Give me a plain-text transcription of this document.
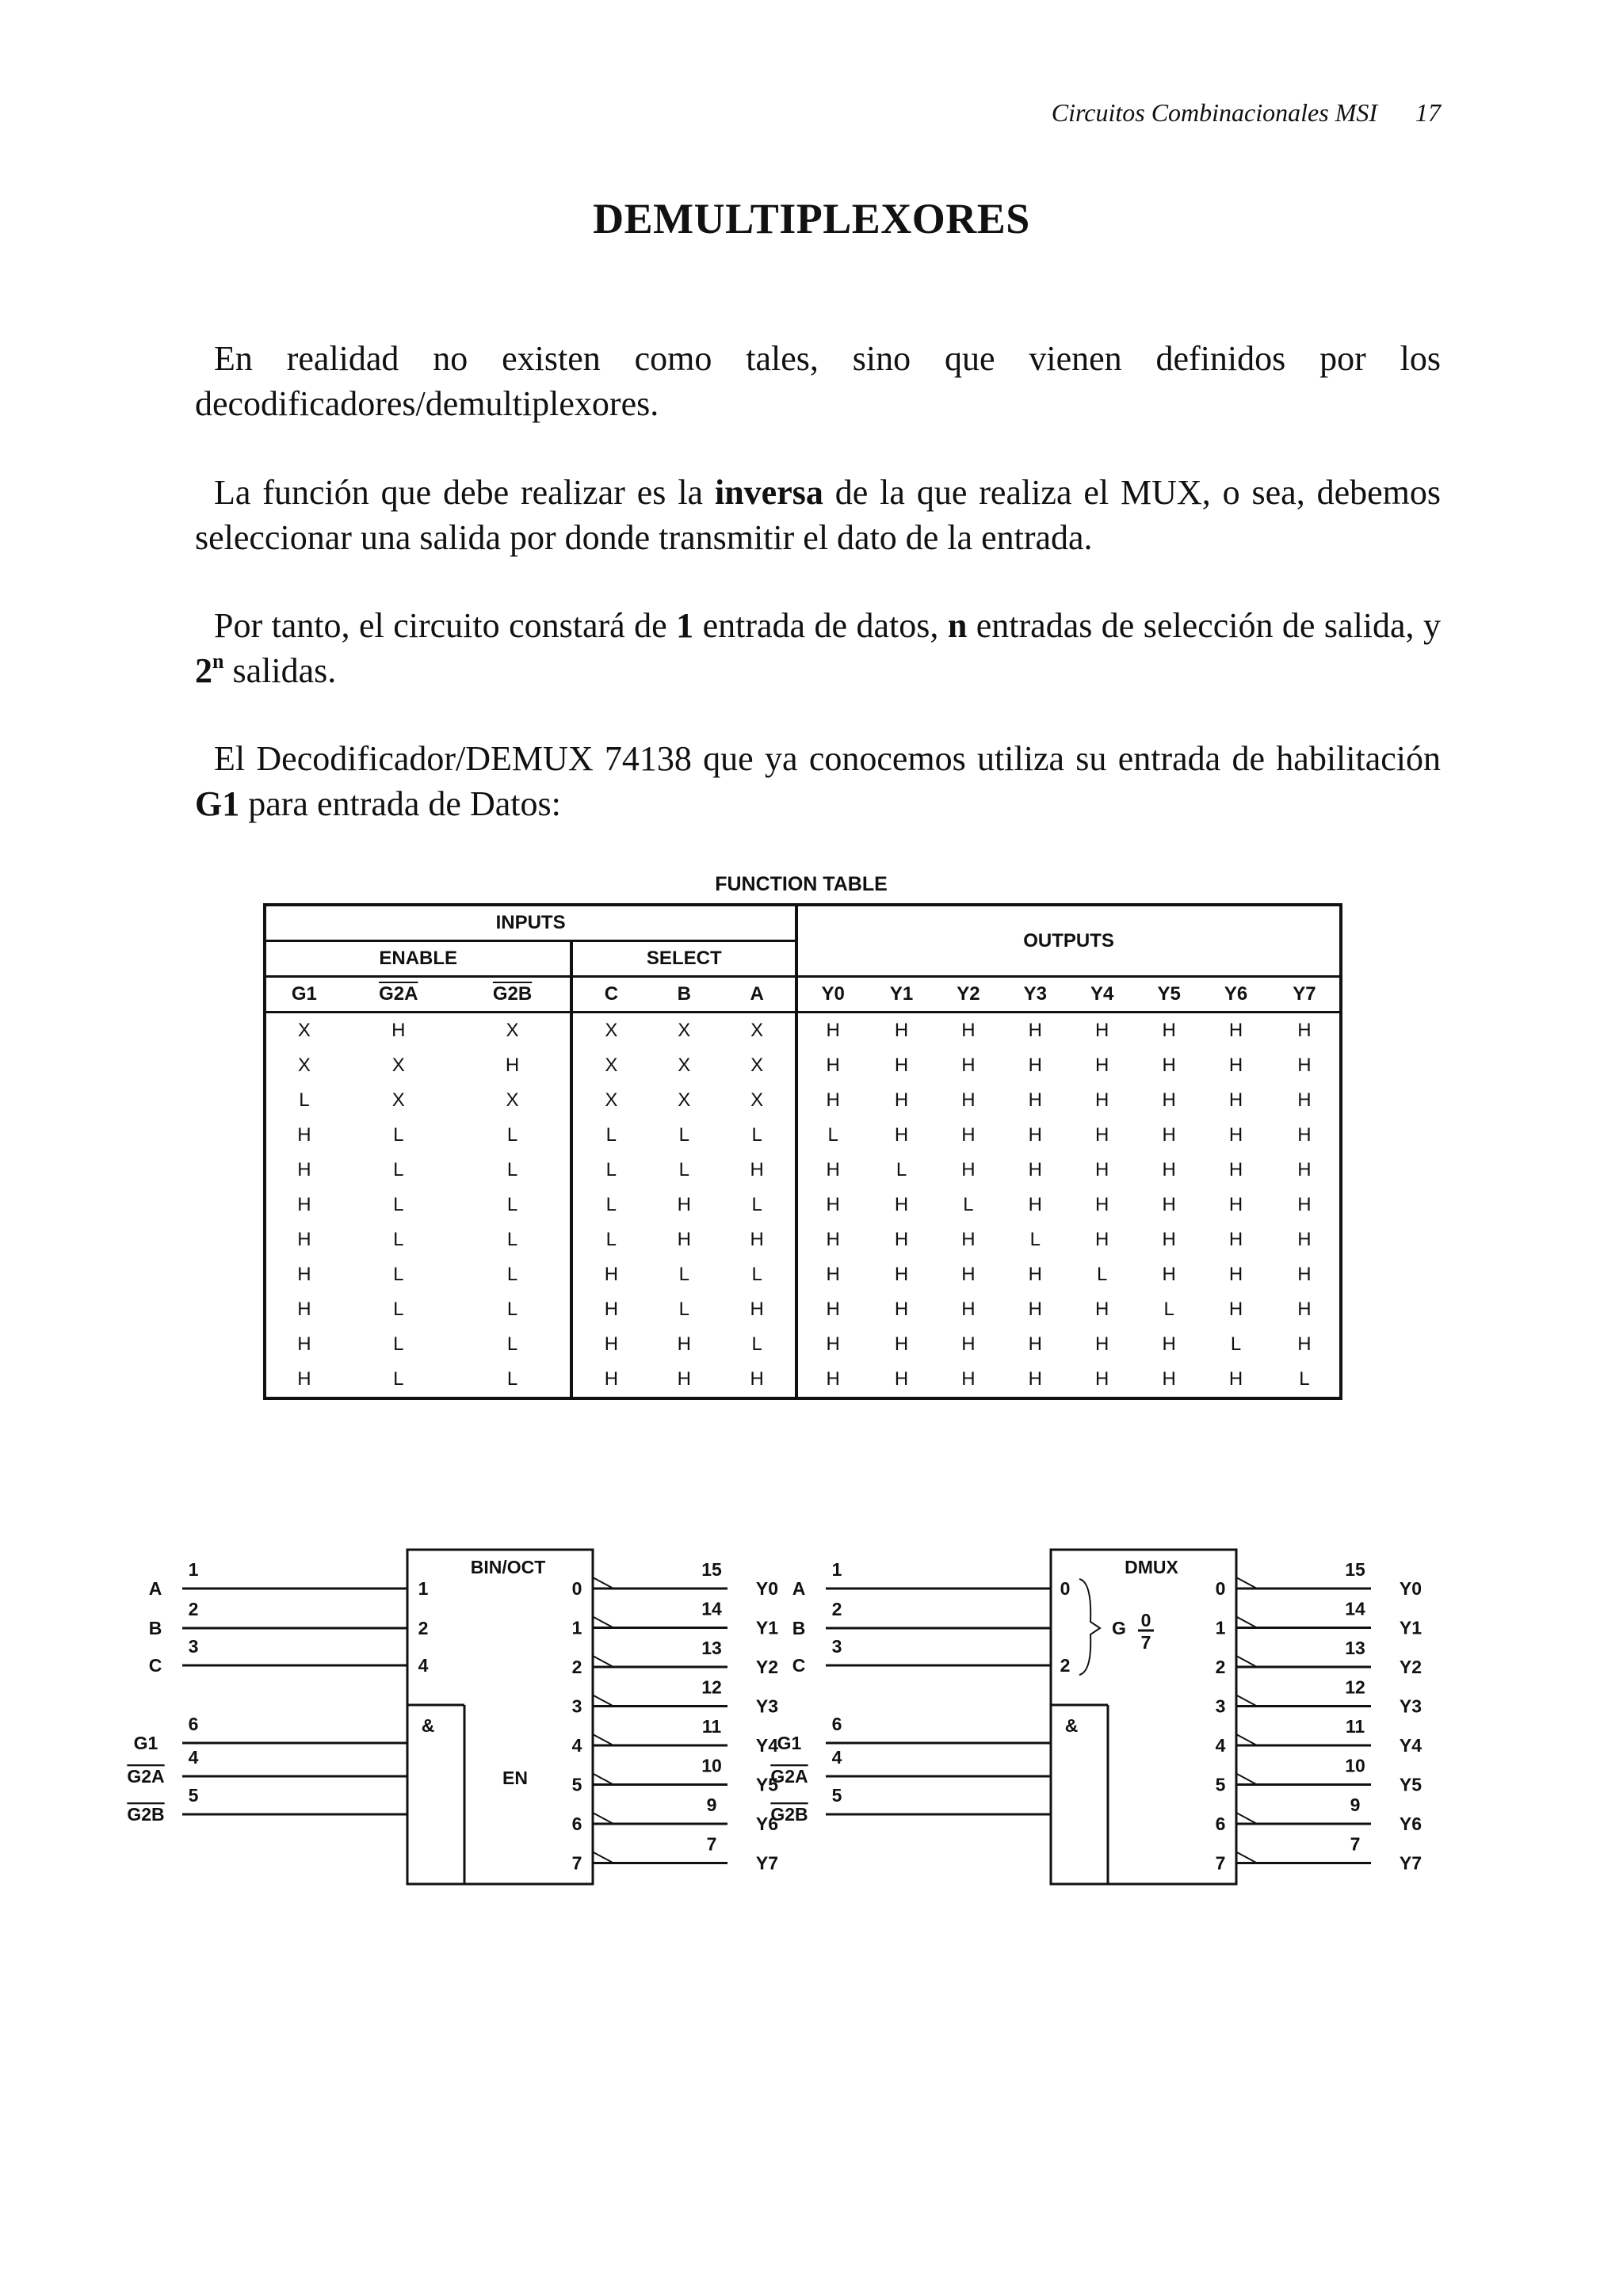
Circuitos Combinacionales MSI 17
DEMULTIPLEXORES

En realidad no existen como tales, sino que vienen definidos por los decodificadores/demultiplexores.

La función que debe realizar es la inversa de la que realiza el MUX, o sea, debemos seleccionar una salida por donde transmitir el dato de la entrada.

Por tanto, el circuito constará de 1 entrada de datos, n entradas de selección de salida, y 2$^n$ salidas.

El Decodificador/DEMUX 74138 que ya conocemos utiliza su entrada de habilitación G1 para entrada de Datos:

FUNCTION TABLE
INPUTS						OUTPUTS							
ENABLE			SELECT										
G1	G2A	G2B	C	B	A	Y0	Y1	Y2	Y3	Y4	Y5	Y6	Y7
X	H	X	X	X	X	H	H	H	H	H	H	H	H
X	X	H	X	X	X	H	H	H	H	H	H	H	H
L	X	X	X	X	X	H	H	H	H	H	H	H	H
H	L	L	L	L	L	L	H	H	H	H	H	H	H
H	L	L	L	L	H	H	L	H	H	H	H	H	H
H	L	L	L	H	L	H	H	L	H	H	H	H	H
H	L	L	L	H	H	H	H	H	L	H	H	H	H
H	L	L	H	L	L	H	H	H	H	L	H	H	H
H	L	L	H	L	H	H	H	H	H	H	L	H	H
H	L	L	H	H	L	H	H	H	H	H	H	L	H
H	L	L	H	H	H	H	H	H	H	H	H	H	L
BIN/OCT
&
EN
A
1
1
B
2
2
C
3
4
G1
6
G2A
4
G2B
5
0
15
Y0
1
14
Y1
2
13
Y2
3
12
Y3
4
11
Y4
5
10
Y5
6
9
Y6
7
7
Y7
DMUX
&
A
1
B
2
C
3
0
2
G 0
7
G1
6
G2A
4
G2B
5
0
15
Y0
1
14
Y1
2
13
Y2
3
12
Y3
4
11
Y4
5
10
Y5
6
9
Y6
7
7
Y7
